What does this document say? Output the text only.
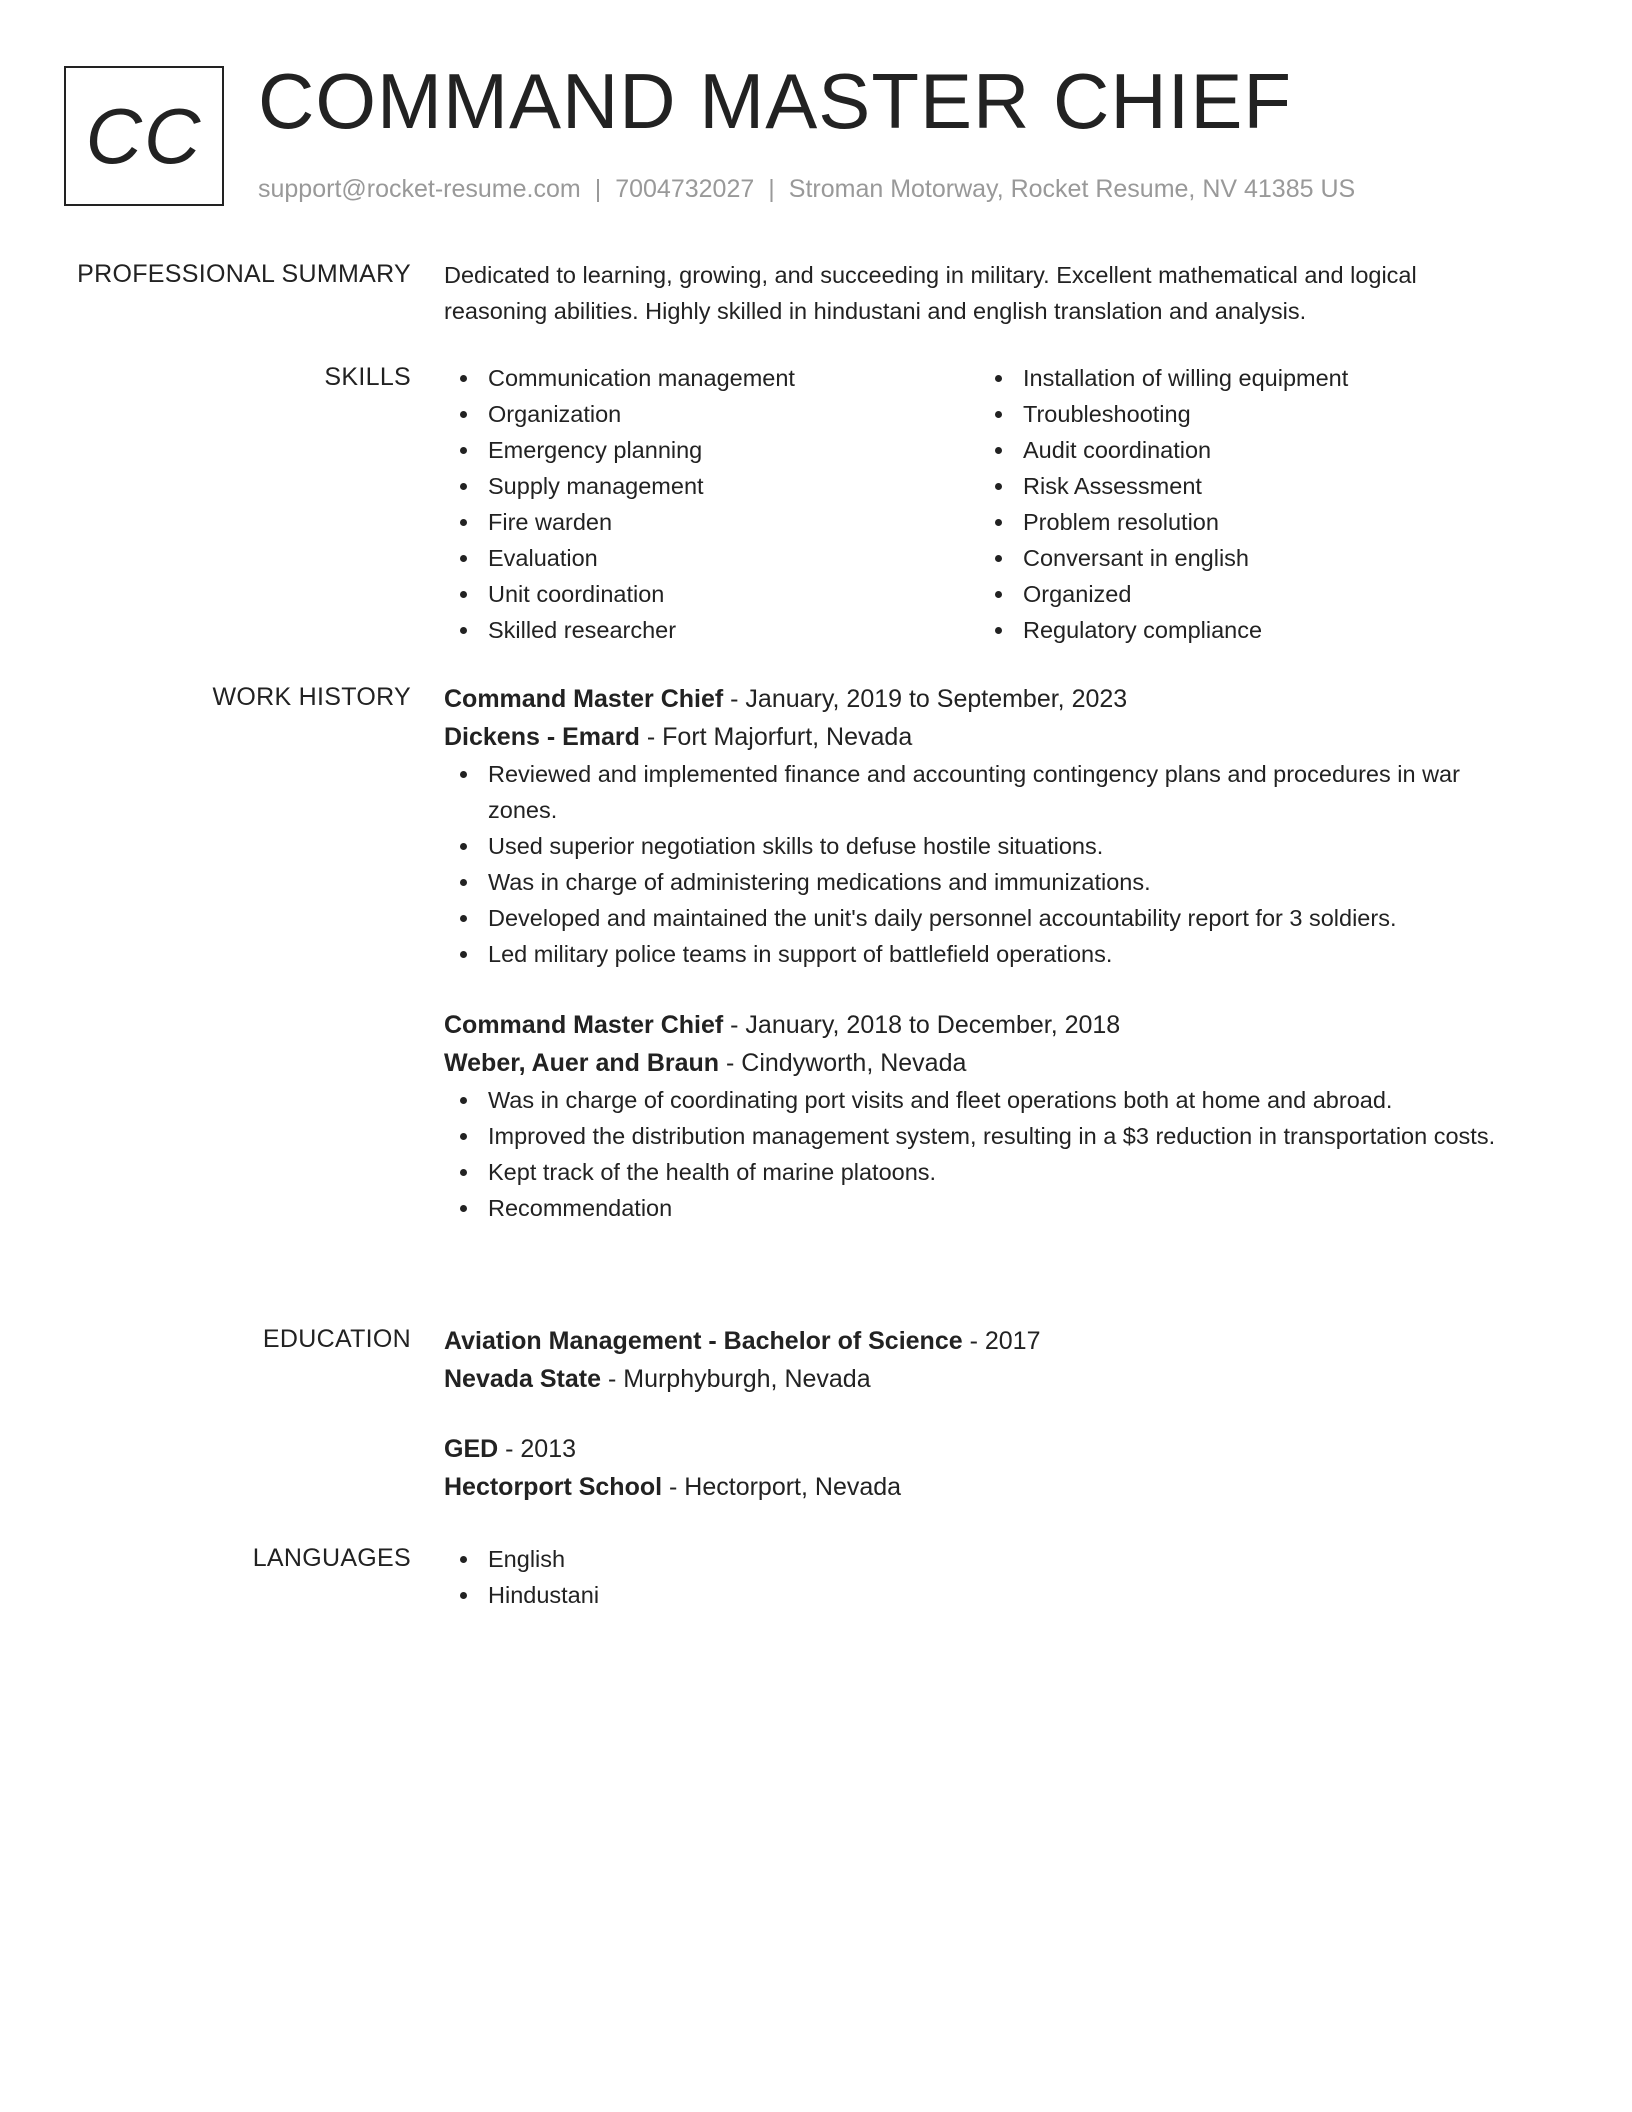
CC COMMAND MASTER CHIEF
support@rocket-resume.com | 7004732027 | Stroman Motorway, Rocket Resume, NV 41385 US
PROFESSIONAL SUMMARY Dedicated to learning, growing, and succeeding in military. Excellent mathematical and logical reasoning abilities. Highly skilled in hindustani and english translation and analysis.
SKILLS	Communication management
Organization
Emergency planning
Supply management
Fire warden
Evaluation
Unit coordination
Skilled researcher
Installation of willing equipment
Troubleshooting
Audit coordination
Risk Assessment
Problem resolution
Conversant in english
Organized
Regulatory compliance
WORK HISTORY Command Master Chief - January, 2019 to September, 2023
Dickens - Emard - Fort Majorfurt, Nevada
Reviewed and implemented finance and accounting contingency plans and procedures in war zones.
Used superior negotiation skills to defuse hostile situations.
Was in charge of administering medications and immunizations.
Developed and maintained the unit's daily personnel accountability report for 3 soldiers.
Led military police teams in support of battlefield operations.
Command Master Chief - January, 2018 to December, 2018
Weber, Auer and Braun - Cindyworth, Nevada
Was in charge of coordinating port visits and fleet operations both at home and abroad.
Improved the distribution management system, resulting in a $3 reduction in transportation costs.
Kept track of the health of marine platoons.
Recommendation
EDUCATION Aviation Management - Bachelor of Science - 2017
Nevada State - Murphyburgh, Nevada
GED - 2013
Hectorport School - Hectorport, Nevada
LANGUAGES	English
Hindustani
